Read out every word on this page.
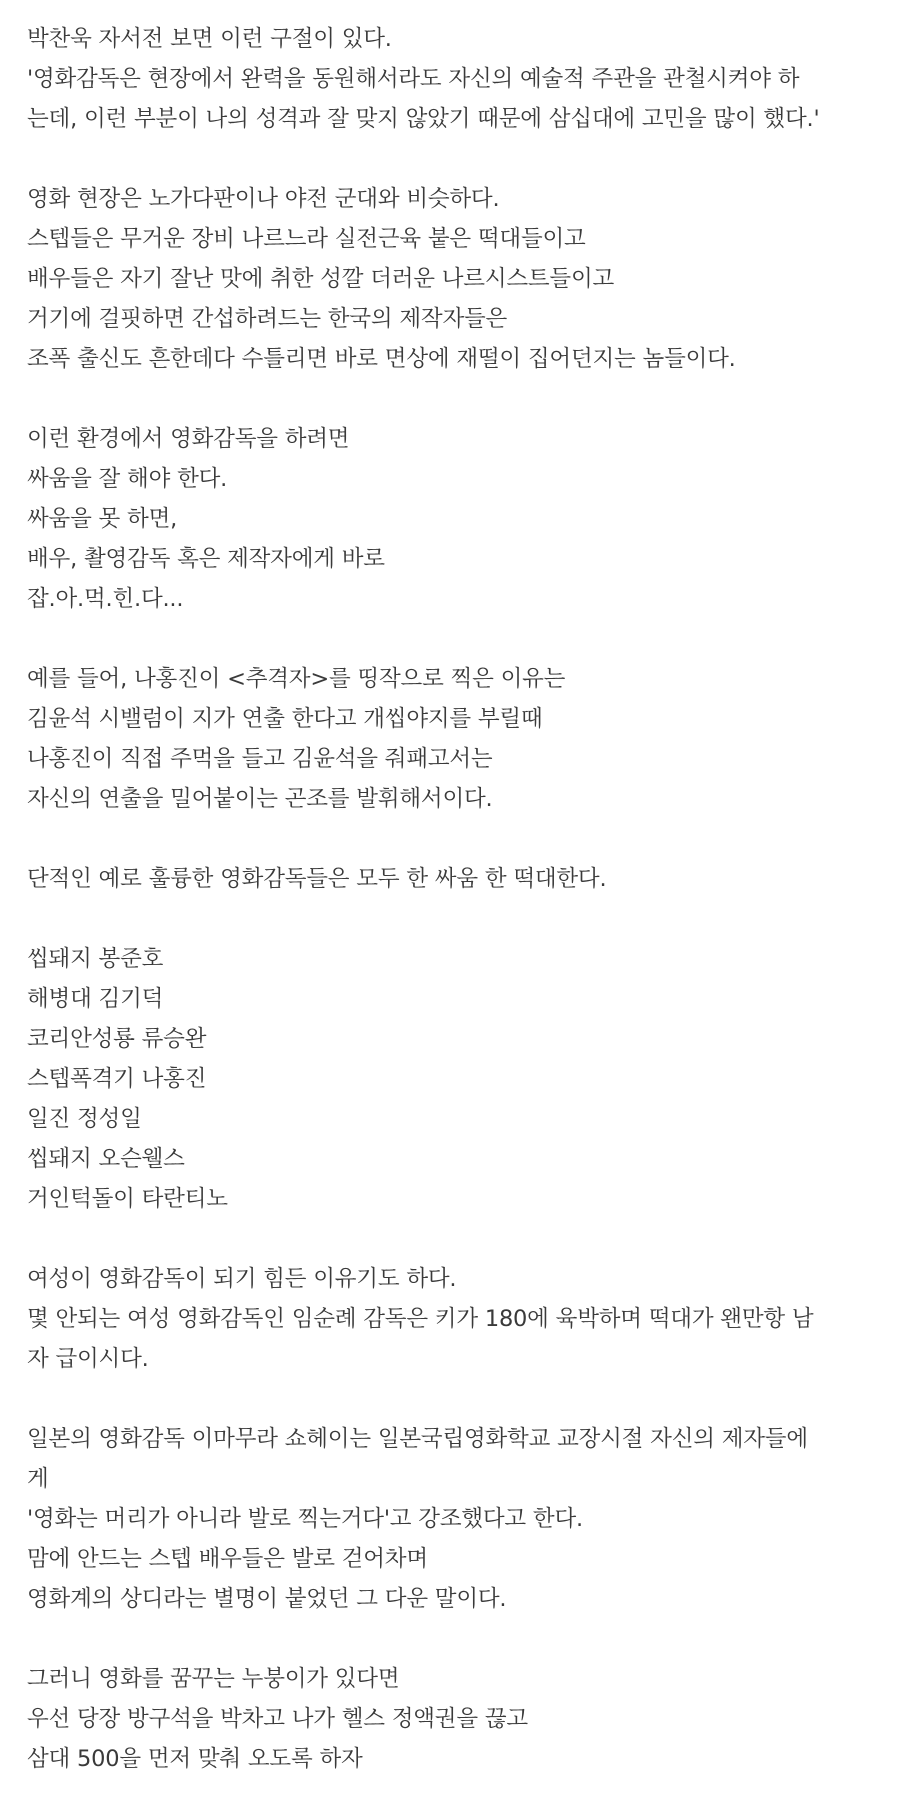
박찬욱 자서전 보면 이런 구절이 있다.
'영화감독은 현장에서 완력을 동원해서라도 자신의 예술적 주관을 관철시켜야 하
는데, 이런 부분이 나의 성격과 잘 맞지 않았기 때문에 삼십대에 고민을 많이 했다.'
영화 현장은 노가다판이나 야전 군대와 비슷하다.
스텝들은 무거운 장비 나르느라 실전근육 붙은 떡대들이고
배우들은 자기 잘난 맛에 취한 성깔 더러운 나르시스트들이고
거기에 걸핏하면 간섭하려드는 한국의 제작자들은
조폭 출신도 흔한데다 수틀리면 바로 면상에 재떨이 집어던지는 놈들이다.
이런 환경에서 영화감독을 하려면
싸움을 잘 해야 한다.
싸움을 못 하면,
배우, 촬영감독 혹은 제작자에게 바로
잡.아.먹.힌.다...
예를 들어, 나홍진이 <추격자>를 띵작으로 찍은 이유는
김윤석 시밸럼이 지가 연출 한다고 개씹야지를 부릴때
나홍진이 직접 주먹을 들고 김윤석을 줘패고서는
자신의 연출을 밀어붙이는 곤조를 발휘해서이다.
단적인 예로 훌륭한 영화감독들은 모두 한 싸움 한 떡대한다.
씹돼지 봉준호
해병대 김기덕
코리안성룡 류승완
스텝폭격기 나홍진
일진 정성일
씹돼지 오슨웰스
거인턱돌이 타란티노
여성이 영화감독이 되기 힘든 이유기도 하다.
몇 안되는 여성 영화감독인 임순례 감독은 키가 180에 육박하며 떡대가 왠만항 남
자 급이시다.
일본의 영화감독 이마무라 쇼헤이는 일본국립영화학교 교장시절 자신의 제자들에
게
'영화는 머리가 아니라 발로 찍는거다'고 강조했다고 한다.
맘에 안드는 스텝 배우들은 발로 걷어차며
영화계의 상디라는 별명이 붙었던 그 다운 말이다.
그러니 영화를 꿈꾸는 누붕이가 있다면
우선 당장 방구석을 박차고 나가 헬스 정액권을 끊고
삼대 500을 먼저 맞춰 오도록 하자
